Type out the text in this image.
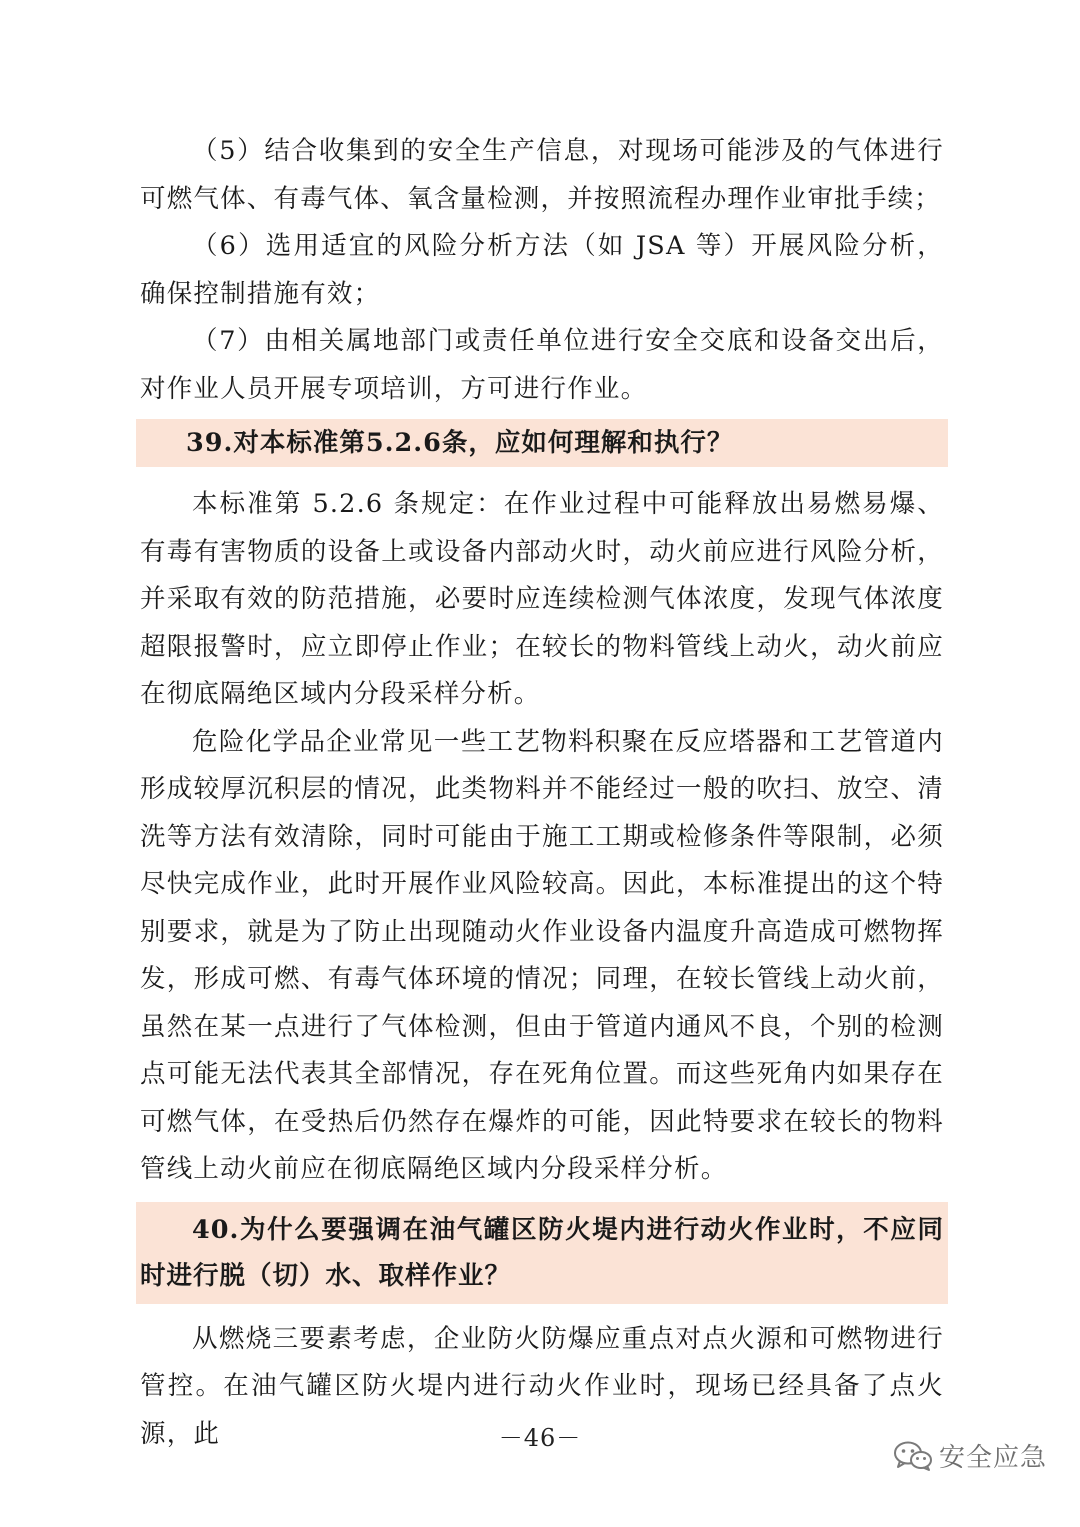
（5）结合收集到的安全生产信息，对现场可能涉及的气体进行可燃气体、有毒气体、氧含量检测，并按照流程办理作业审批手续；

（6）选用适宜的风险分析方法（如 JSA 等）开展风险分析，确保控制措施有效；

（7）由相关属地部门或责任单位进行安全交底和设备交出后，对作业人员开展专项培训，方可进行作业。

39.对本标准第5.2.6条，应如何理解和执行？

本标准第 5.2.6 条规定：在作业过程中可能释放出易燃易爆、有毒有害物质的设备上或设备内部动火时，动火前应进行风险分析，并采取有效的防范措施，必要时应连续检测气体浓度，发现气体浓度超限报警时，应立即停止作业；在较长的物料管线上动火，动火前应在彻底隔绝区域内分段采样分析。

危险化学品企业常见一些工艺物料积聚在反应塔器和工艺管道内形成较厚沉积层的情况，此类物料并不能经过一般的吹扫、放空、清洗等方法有效清除，同时可能由于施工工期或检修条件等限制，必须尽快完成作业，此时开展作业风险较高。因此，本标准提出的这个特别要求，就是为了防止出现随动火作业设备内温度升高造成可燃物挥发，形成可燃、有毒气体环境的情况；同理，在较长管线上动火前，虽然在某一点进行了气体检测，但由于管道内通风不良，个别的检测点可能无法代表其全部情况，存在死角位置。而这些死角内如果存在可燃气体，在受热后仍然存在爆炸的可能，因此特要求在较长的物料管线上动火前应在彻底隔绝区域内分段采样分析。

40.为什么要强调在油气罐区防火堤内进行动火作业时，不应同时进行脱（切）水、取样作业？

从燃烧三要素考虑，企业防火防爆应重点对点火源和可燃物进行管控。在油气罐区防火堤内进行动火作业时，现场已经具备了点火源，此	－46－
安全应急
